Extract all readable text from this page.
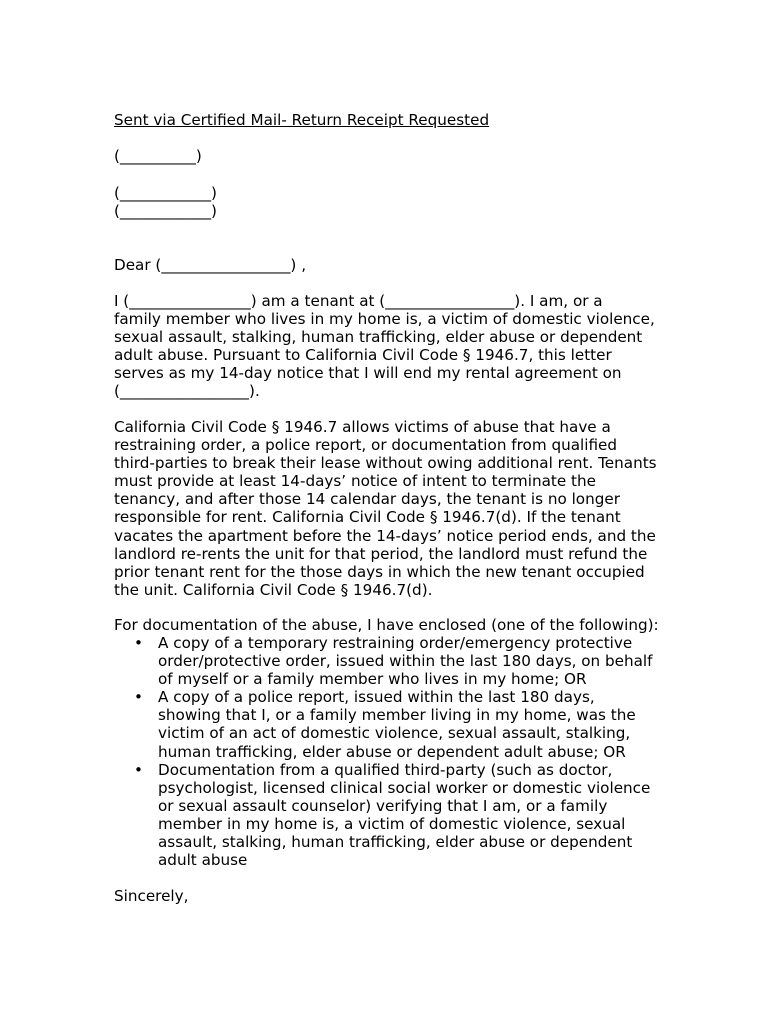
Sent via Certified Mail- Return Receipt Requested

(__________)

(____________)

(____________)

Dear (_________________) ,

I (________________) am a tenant at (_________________). I am, or a
family member who lives in my home is, a victim of domestic violence,
sexual assault, stalking, human trafficking, elder abuse or dependent
adult abuse. Pursuant to California Civil Code § 1946.7, this letter
serves as my 14-day notice that I will end my rental agreement on
(_________________).
California Civil Code § 1946.7 allows victims of abuse that have a
restraining order, a police report, or documentation from qualified
third-parties to break their lease without owing additional rent. Tenants
must provide at least 14-days’ notice of intent to terminate the
tenancy, and after those 14 calendar days, the tenant is no longer
responsible for rent. California Civil Code § 1946.7(d). If the tenant
vacates the apartment before the 14-days’ notice period ends, and the
landlord re-rents the unit for that period, the landlord must refund the
prior tenant rent for the those days in which the new tenant occupied
the unit. California Civil Code § 1946.7(d).

For documentation of the abuse, I have enclosed (one of the following):

• A copy of a temporary restraining order/emergency protective
order/protective order, issued within the last 180 days, on behalf
of myself or a family member who lives in my home; OR
• A copy of a police report, issued within the last 180 days,
showing that I, or a family member living in my home, was the
victim of an act of domestic violence, sexual assault, stalking,
human trafficking, elder abuse or dependent adult abuse; OR
• Documentation from a qualified third-party (such as doctor,
psychologist, licensed clinical social worker or domestic violence
or sexual assault counselor) verifying that I am, or a family
member in my home is, a victim of domestic violence, sexual
assault, stalking, human trafficking, elder abuse or dependent
adult abuse

Sincerely,
